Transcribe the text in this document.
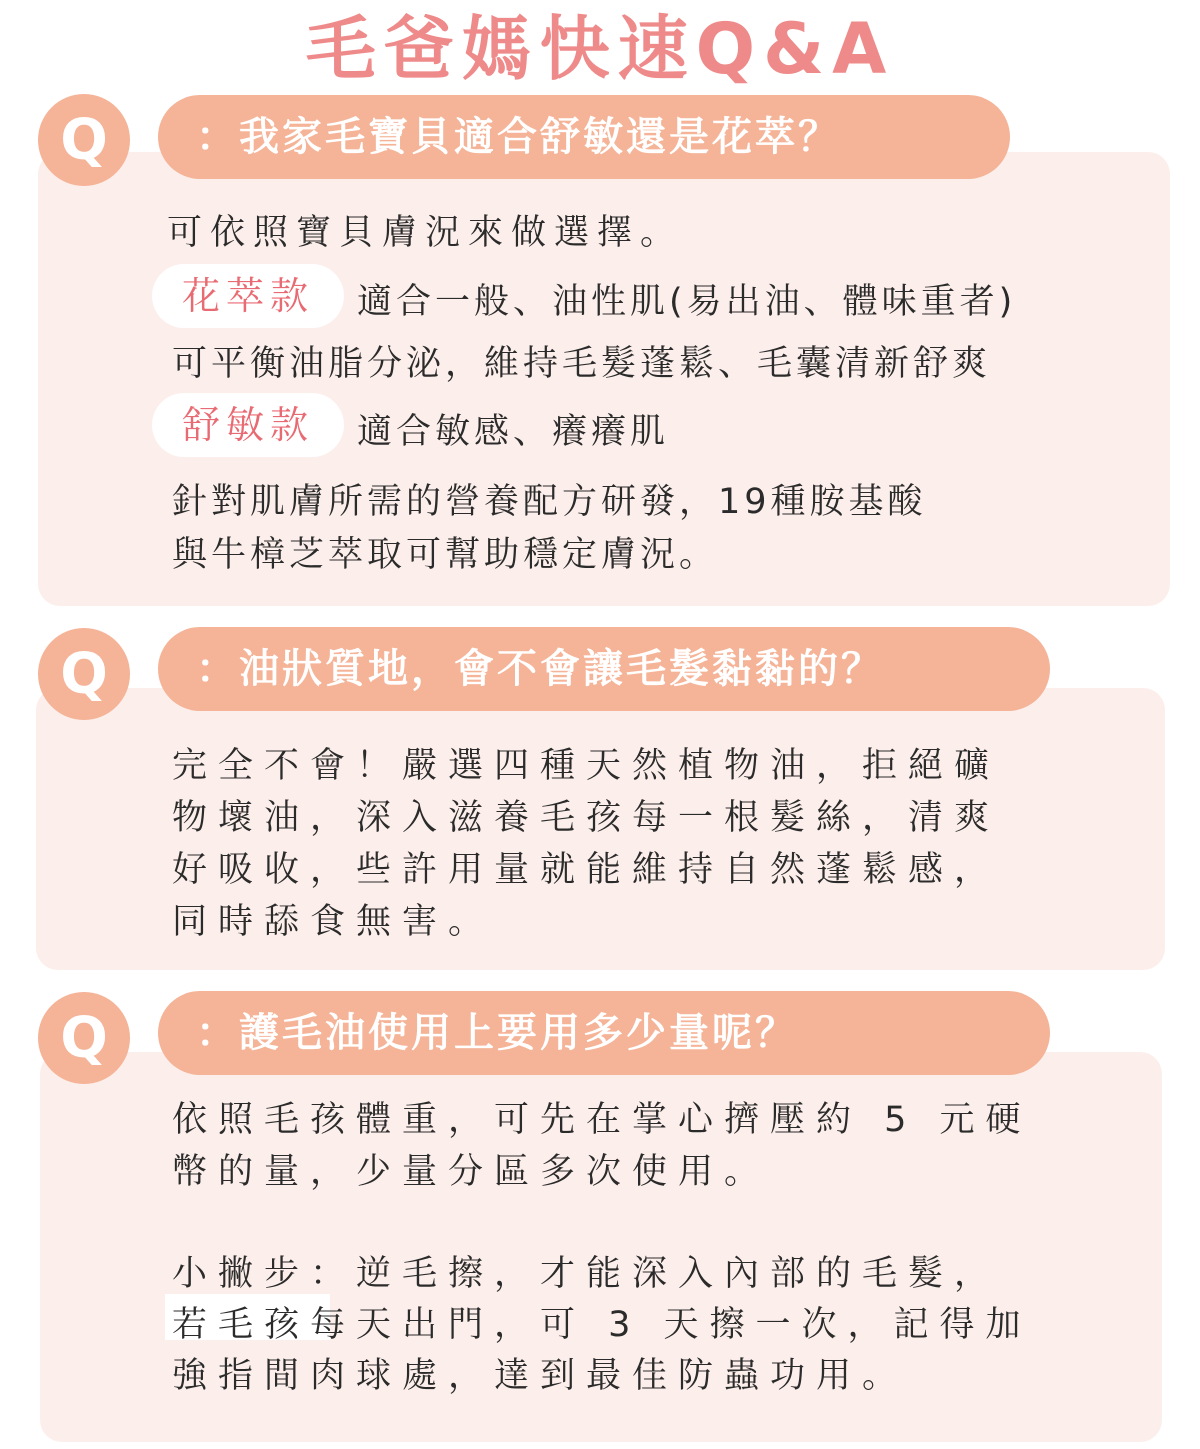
毛爸媽快速Q&A
Q	：我家毛寶貝適合舒敏還是花萃？
可依照寶貝膚況來做選擇。
花萃款	適合一般、油性肌(易出油、體味重者)
可平衡油脂分泌，維持毛髮蓬鬆、毛囊清新舒爽
舒敏款	適合敏感、癢癢肌
針對肌膚所需的營養配方研發，19種胺基酸
與牛樟芝萃取可幫助穩定膚況。
Q	：油狀質地，會不會讓毛髮黏黏的？
完全不會！嚴選四種天然植物油，拒絕礦
物壞油，深入滋養毛孩每一根髮絲，清爽
好吸收，些許用量就能維持自然蓬鬆感，
同時舔食無害。
Q	：護毛油使用上要用多少量呢？
依照毛孩體重，可先在掌心擠壓約 5 元硬
幣的量，少量分區多次使用。
小撇步：逆毛擦，才能深入內部的毛髮，
若毛孩每天出門，可 3 天擦一次，記得加
強指間肉球處，達到最佳防蟲功用。
